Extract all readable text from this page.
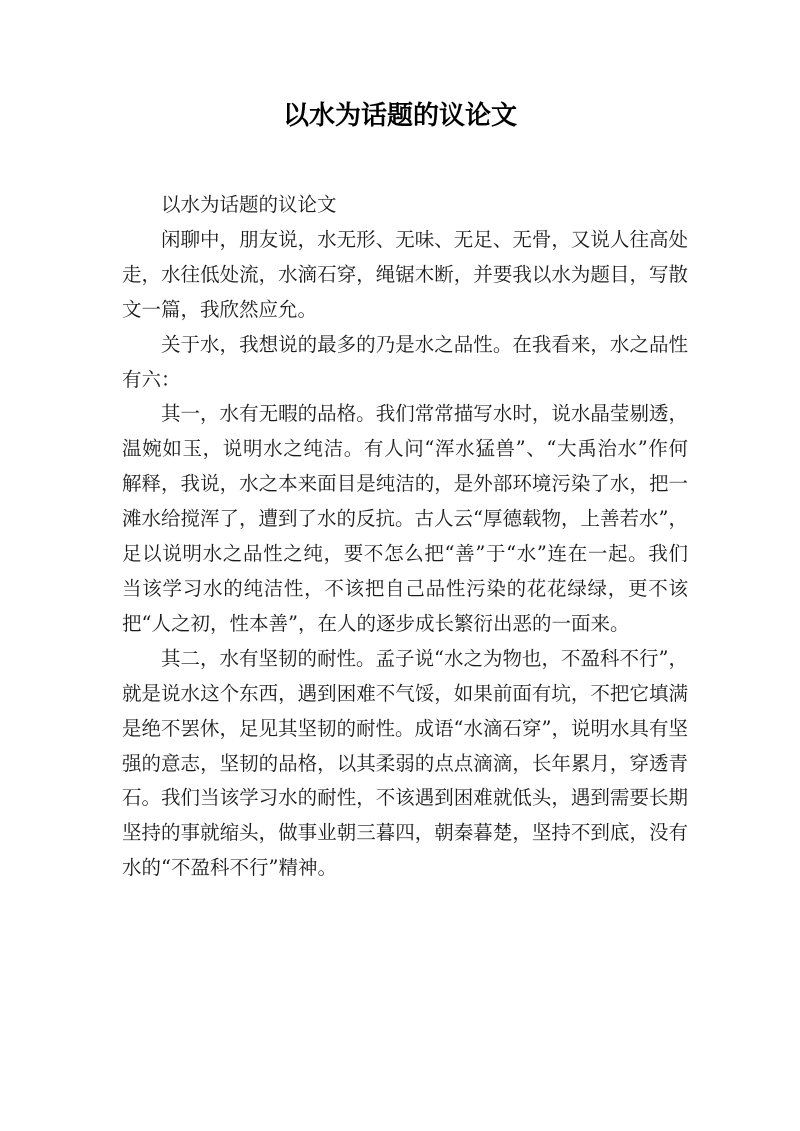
以水为话题的议论文

以水为话题的议论文

闲聊中，朋友说，水无形、无味、无足、无骨，又说人往高处走，水往低处流，水滴石穿，绳锯木断，并要我以水为题目，写散文一篇，我欣然应允。

关于水，我想说的最多的乃是水之品性。在我看来，水之品性有六：

其一，水有无暇的品格。我们常常描写水时，说水晶莹剔透，温婉如玉，说明水之纯洁。有人问“浑水猛兽”、“大禹治水”作何解释，我说，水之本来面目是纯洁的，是外部环境污染了水，把一滩水给搅浑了，遭到了水的反抗。古人云“厚德载物，上善若水”，足以说明水之品性之纯，要不怎么把“善”于“水”连在一起。我们当该学习水的纯洁性，不该把自己品性污染的花花绿绿，更不该把“人之初，性本善”，在人的逐步成长繁衍出恶的一面来。

其二，水有坚韧的耐性。孟子说“水之为物也，不盈科不行”，就是说水这个东西，遇到困难不气馁，如果前面有坑，不把它填满是绝不罢休，足见其坚韧的耐性。成语“水滴石穿”，说明水具有坚强的意志，坚韧的品格，以其柔弱的点点滴滴，长年累月，穿透青石。我们当该学习水的耐性，不该遇到困难就低头，遇到需要长期坚持的事就缩头，做事业朝三暮四，朝秦暮楚，坚持不到底，没有水的“不盈科不行”精神。
